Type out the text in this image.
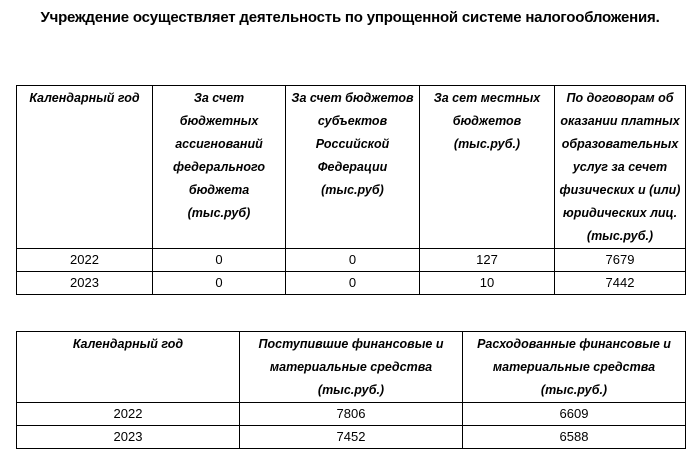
Учреждение осуществляет деятельность по упрощенной системе налогообложения.
Календарный год	За счет бюджетных ассигнований федерального бюджета (тыс.руб)	За счет бюджетов субъектов Российской Федерации (тыс.руб)	За сет местных бюджетов (тыс.руб.)	По договорам об оказании платных образовательных услуг за сечет физических и (или) юридических лиц. (тыс.руб.)
2022	0	0	127	7679
2023	0	0	10	7442
Календарный год	Поступившие финансовые и материальные средства (тыс.руб.)	Расходованные финансовые и материальные средства (тыс.руб.)
2022	7806	6609
2023	7452	6588
